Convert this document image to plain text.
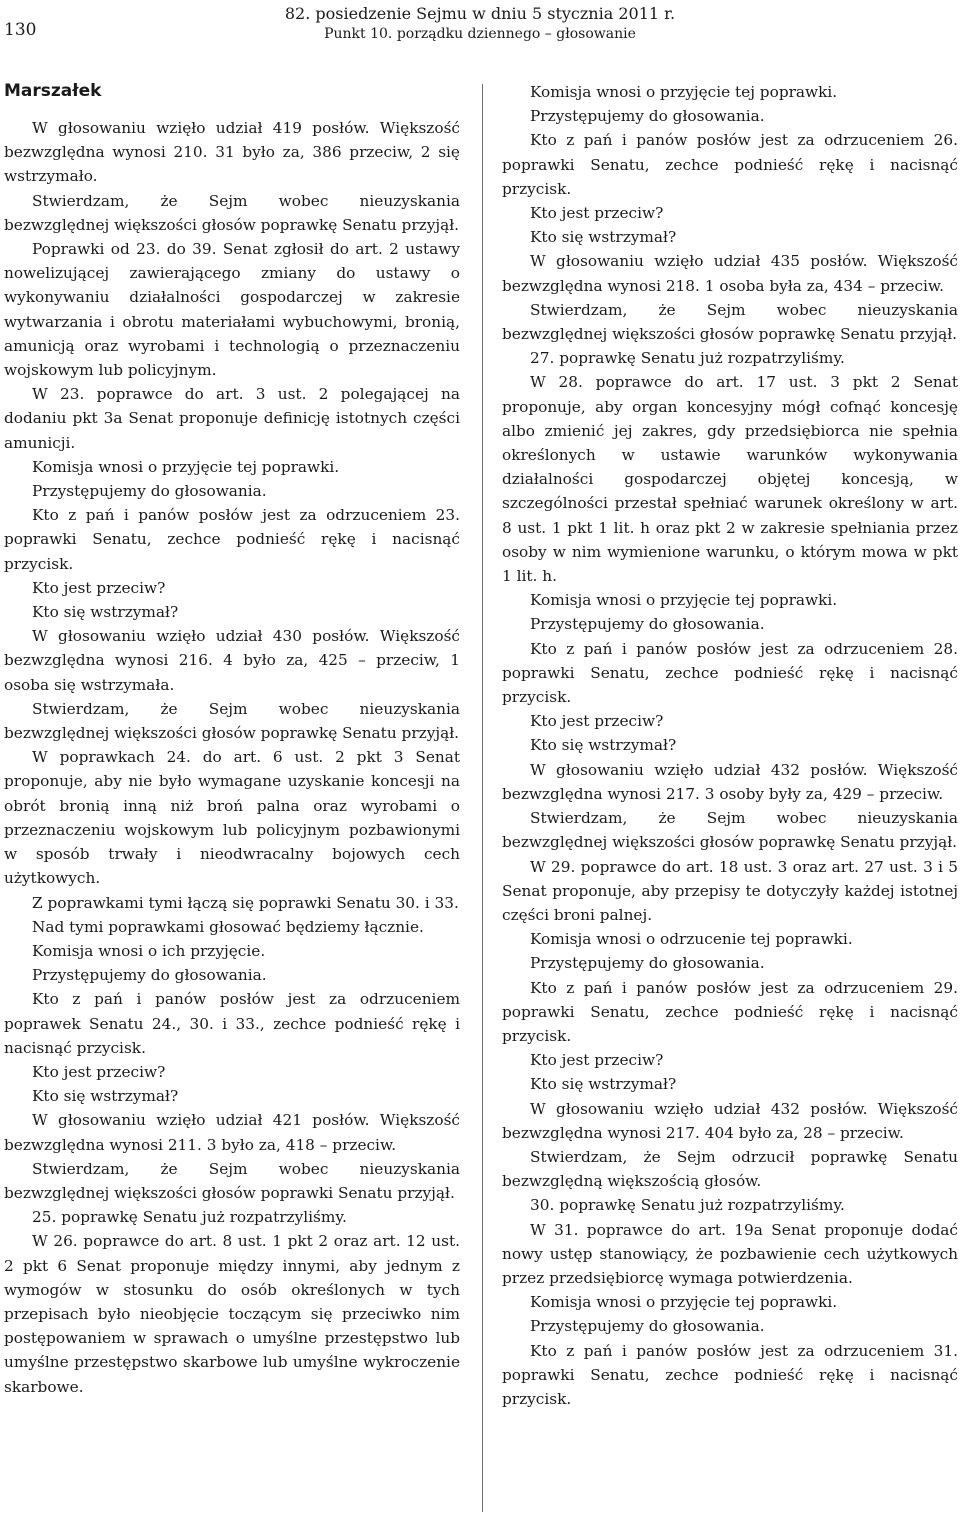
130
82. posiedzenie Sejmu w dniu 5 stycznia 2011 r.
Punkt 10. porządku dziennego – głosowanie

Marszałek

W głosowaniu wzięło udział 419 posłów. Większość bezwzględna wynosi 210. 31 było za, 386 przeciw, 2 się wstrzymało.

Stwierdzam, że Sejm wobec nieuzyskania bezwzględnej większości głosów poprawkę Senatu przyjął.

Poprawki od 23. do 39. Senat zgłosił do art. 2 ustawy nowelizującej zawierającego zmiany do ustawy o wykonywaniu działalności gospodarczej w zakresie wytwarzania i obrotu materiałami wybuchowymi, bronią, amunicją oraz wyrobami i technologią o przeznaczeniu wojskowym lub policyjnym.

W 23. poprawce do art. 3 ust. 2 polegającej na dodaniu pkt 3a Senat proponuje definicję istotnych części amunicji.

Komisja wnosi o przyjęcie tej poprawki.

Przystępujemy do głosowania.

Kto z pań i panów posłów jest za odrzuceniem 23. poprawki Senatu, zechce podnieść rękę i nacisnąć przycisk.

Kto jest przeciw?

Kto się wstrzymał?

W głosowaniu wzięło udział 430 posłów. Większość bezwzględna wynosi 216. 4 było za, 425 – przeciw, 1 osoba się wstrzymała.

Stwierdzam, że Sejm wobec nieuzyskania bezwzględnej większości głosów poprawkę Senatu przyjął.

W poprawkach 24. do art. 6 ust. 2 pkt 3 Senat proponuje, aby nie było wymagane uzyskanie koncesji na obrót bronią inną niż broń palna oraz wyrobami o przeznaczeniu wojskowym lub policyjnym pozbawionymi w sposób trwały i nieodwracalny bojowych cech użytkowych.

Z poprawkami tymi łączą się poprawki Senatu 30. i 33.

Nad tymi poprawkami głosować będziemy łącznie.

Komisja wnosi o ich przyjęcie.

Przystępujemy do głosowania.

Kto z pań i panów posłów jest za odrzuceniem poprawek Senatu 24., 30. i 33., zechce podnieść rękę i nacisnąć przycisk.

Kto jest przeciw?

Kto się wstrzymał?

W głosowaniu wzięło udział 421 posłów. Większość bezwzględna wynosi 211. 3 było za, 418 – przeciw.

Stwierdzam, że Sejm wobec nieuzyskania bezwzględnej większości głosów poprawki Senatu przyjął.

25. poprawkę Senatu już rozpatrzyliśmy.

W 26. poprawce do art. 8 ust. 1 pkt 2 oraz art. 12 ust. 2 pkt 6 Senat proponuje między innymi, aby jednym z wymogów w stosunku do osób określonych w tych przepisach było nieobjęcie toczącym się przeciwko nim postępowaniem w sprawach o umyślne przestępstwo lub umyślne przestępstwo skarbowe lub umyślne wykroczenie skarbowe.

Komisja wnosi o przyjęcie tej poprawki.

Przystępujemy do głosowania.

Kto z pań i panów posłów jest za odrzuceniem 26. poprawki Senatu, zechce podnieść rękę i nacisnąć przycisk.

Kto jest przeciw?

Kto się wstrzymał?

W głosowaniu wzięło udział 435 posłów. Większość bezwzględna wynosi 218. 1 osoba była za, 434 – przeciw.

Stwierdzam, że Sejm wobec nieuzyskania bezwzględnej większości głosów poprawkę Senatu przyjął.

27. poprawkę Senatu już rozpatrzyliśmy.

W 28. poprawce do art. 17 ust. 3 pkt 2 Senat proponuje, aby organ koncesyjny mógł cofnąć koncesję albo zmienić jej zakres, gdy przedsiębiorca nie spełnia określonych w ustawie warunków wykonywania działalności gospodarczej objętej koncesją, w szczególności przestał spełniać warunek określony w art. 8 ust. 1 pkt 1 lit. h oraz pkt 2 w zakresie spełniania przez osoby w nim wymienione warunku, o którym mowa w pkt 1 lit. h.

Komisja wnosi o przyjęcie tej poprawki.

Przystępujemy do głosowania.

Kto z pań i panów posłów jest za odrzuceniem 28. poprawki Senatu, zechce podnieść rękę i nacisnąć przycisk.

Kto jest przeciw?

Kto się wstrzymał?

W głosowaniu wzięło udział 432 posłów. Większość bezwzględna wynosi 217. 3 osoby były za, 429 – przeciw.

Stwierdzam, że Sejm wobec nieuzyskania bezwzględnej większości głosów poprawkę Senatu przyjął.

W 29. poprawce do art. 18 ust. 3 oraz art. 27 ust. 3 i 5 Senat proponuje, aby przepisy te dotyczyły każdej istotnej części broni palnej.

Komisja wnosi o odrzucenie tej poprawki.

Przystępujemy do głosowania.

Kto z pań i panów posłów jest za odrzuceniem 29. poprawki Senatu, zechce podnieść rękę i nacisnąć przycisk.

Kto jest przeciw?

Kto się wstrzymał?

W głosowaniu wzięło udział 432 posłów. Większość bezwzględna wynosi 217. 404 było za, 28 – przeciw.

Stwierdzam, że Sejm odrzucił poprawkę Senatu bezwzględną większością głosów.

30. poprawkę Senatu już rozpatrzyliśmy.

W 31. poprawce do art. 19a Senat proponuje dodać nowy ustęp stanowiący, że pozbawienie cech użytkowych przez przedsiębiorcę wymaga potwierdzenia.

Komisja wnosi o przyjęcie tej poprawki.

Przystępujemy do głosowania.

Kto z pań i panów posłów jest za odrzuceniem 31. poprawki Senatu, zechce podnieść rękę i nacisnąć przycisk.
